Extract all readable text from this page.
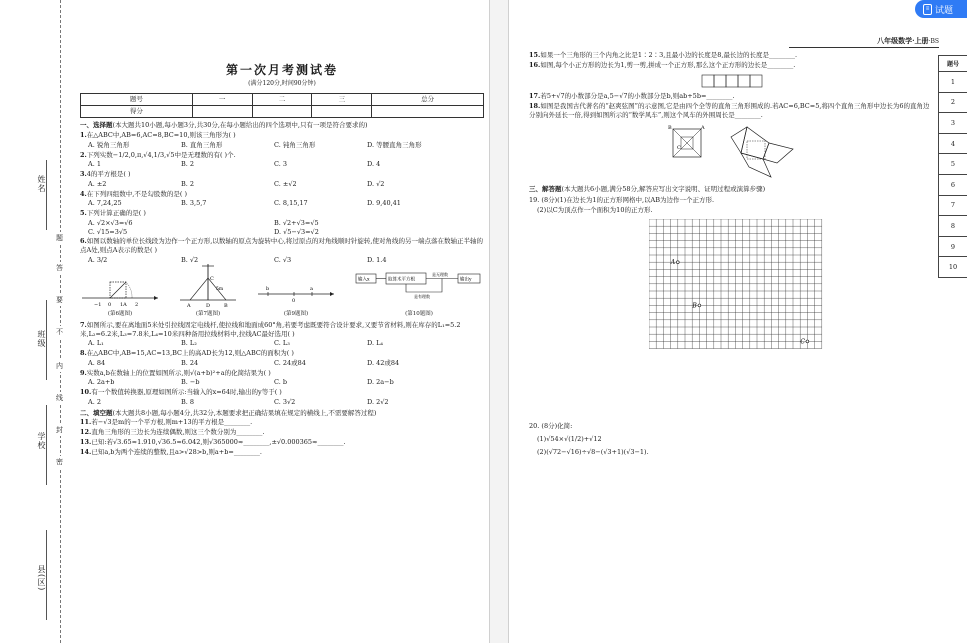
姓名
班级
学校
县(区)
题
答
要
不
内
线
封
密
第一次月考测试卷
(满分120分,时间90分钟)
题号	一	二	三	总分
得分				
一、选择题(本大题共10小题,每小题3分,共30分,在每小题给出的四个选项中,只有一项是符合要求的)
1.在△ABC中,AB=6,AC=8,BC=10,则该三角形为( )
A. 锐角三角形	B. 直角三角形	C. 钝角三角形	D. 等腰直角三角形
2.下列实数−1/2,0,π,√4,1/3,√5中是无理数的有( )个.
A. 1	B. 2	C. 3	D. 4
3.4的平方根是( )
A. ±2	B. 2	C. ±√2	D. √2
4.在下列四组数中,不是勾股数的是( )
A. 7,24,25	B. 3,5,7	C. 8,15,17	D. 9,40,41
5.下列计算正确的是( )
A. √2×√3=√6	B. √2+√3=√5
C. √15=3√5	D. √5−√3=√2
6.如图以数轴的单位长线段为边作一个正方形,以数轴的原点为旋转中心,将过原点的对角线顺时针旋转,使对角线的另一端点落在数轴正半轴的点A处,则点A表示的数是( )
A. 3/2	B. √2	C. √3	D. 1.4
−1 0 1A 2
(第6题图)
C
5m
A	D	B
(第7题图)
b
0
a
(第9题图)
输入x	取算术平方根
是无理数
输出y
是有理数
(第10题图)
7.如图所示,要在离地面5米处引拉线固定电线杆,使拉线和地面成60°角,若要考虑既要符合设计要求,又要节省材料,则在库存的L₁=5.2米,L₂=6.2米,L₃=7.8米,L₄=10米四种备用拉线材料中,拉线AC最好选用( )
A. L₁	B. L₂	C. L₃	D. L₄
8.在△ABC中,AB=15,AC=13,BC上的高AD长为12,则△ABC的面积为( )
A. 84	B. 24	C. 24或84	D. 42或84
9.实数a,b在数轴上的位置如图所示,则√(a+b)²+a的化简结果为( )
A. 2a+b	B. −b	C. b	D. 2a−b
10.有一个数值转换器,原理如图所示:当输入的x=64时,输出的y等于( )
A. 2	B. 8	C. 3√2	D. 2√2
二、填空题(本大题共8小题,每小题4分,共32分,本题要求把正确结果填在规定的横线上,不需要解答过程)
11.若−√3是m的一个平方根,则m+13的平方根是________.
12.直角三角形的三边长为连续偶数,则这三个数分别为________.
13.已知:若√3.65≈1.910,√36.5≈6.042,则√365000≈________,±√0.000365≈________.
14.已知a,b为两个连续的整数,且a>√28>b,则a+b=________.
八年级数学·上册·BS
15.如果一个三角形的三个内角之比是1∶2∶3,且最小边的长度是8,最长边的长度是________.
16.如图,每个小正方形的边长为1,剪一剪,拼成一个正方形,那么这个正方形的边长是________.
17.若5+√7的小数部分是a,5−√7的小数部分是b,则ab+5b=________.
18.如图是我国古代著名的“赵爽弦图”的示意图,它是由四个全等的直角三角形围成的.若AC=6,BC=5,将四个直角三角形中边长为6的直角边分别向外延长一倍,得到如图所示的“数学风车”,则这个风车的外围周长是________.
B
C
A
三、解答题(本大题共6小题,满分58分,解答应写出文字说明、证明过程或演算步骤)
19. (8分)(1)在边长为1的正方形网格中,以AB为边作一个正方形.
(2)以C为顶点作一个面积为10的正方形.
A
B
C
20. (8分)化简:
(1)√54×√(1/2)+√12
(2)(√72−√16)÷√8−(√3+1)(√3−1).
题号
1
2
3
4
5
6
7
8
9
10
≡ 试题
